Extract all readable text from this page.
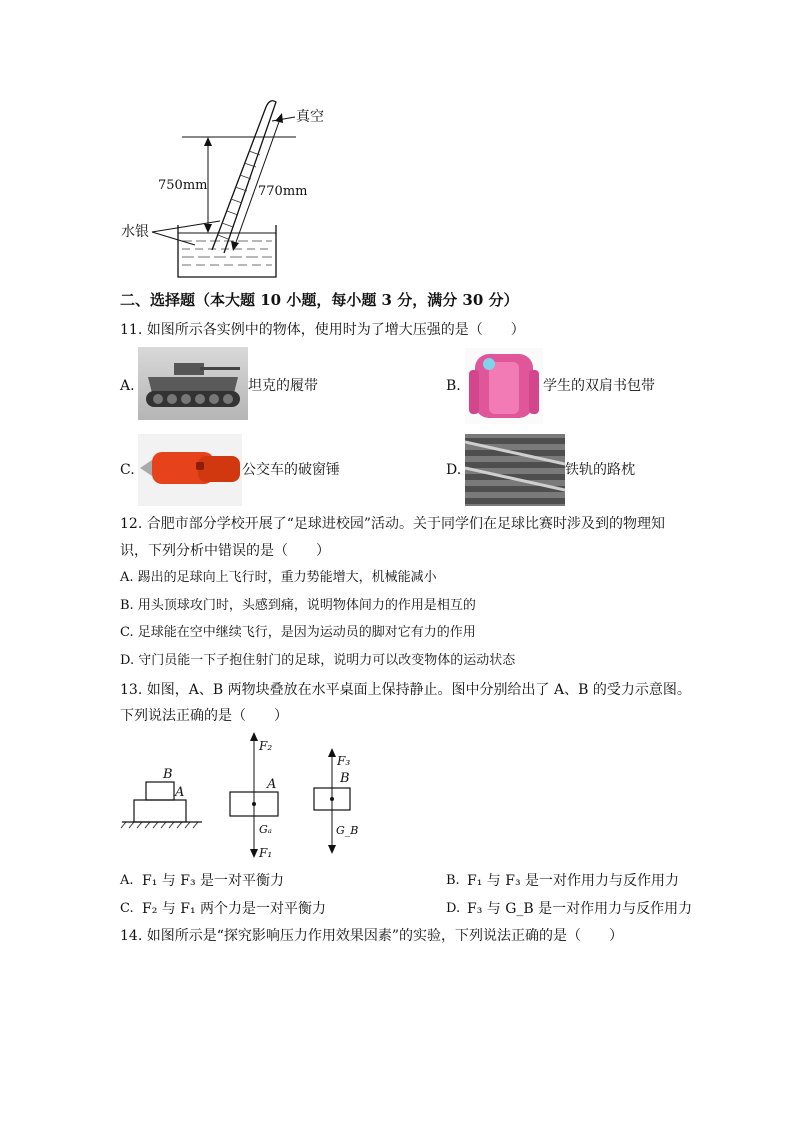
真空
750mm	770mm
水银
二、选择题（本大题 10 小题，每小题 3 分，满分 30 分）
11. 如图所示各实例中的物体，使用时为了增大压强的是（　　）
A.	坦克的履带	B.	学生的双肩书包带
C.	公交车的破窗锤	D.	铁轨的路枕
12. 合肥市部分学校开展了“足球进校园”活动。关于同学们在足球比赛时涉及到的物理知
识，下列分析中错误的是（　　）
A. 踢出的足球向上飞行时，重力势能增大，机械能减小
B. 用头顶球攻门时，头感到痛，说明物体间力的作用是相互的
C. 足球能在空中继续飞行，是因为运动员的脚对它有力的作用
D. 守门员能一下子抱住射门的足球，说明力可以改变物体的运动状态
13. 如图，A、B 两物块叠放在水平桌面上保持静止。图中分别给出了 A、B 的受力示意图。
下列说法正确的是（　　）
B
A
F₂
A
Gₐ
F₁
F₃
B
G_B
A. F₁ 与 F₃ 是一对平衡力	B. F₁ 与 F₃ 是一对作用力与反作用力
C. F₂ 与 F₁ 两个力是一对平衡力	D. F₃ 与 G_B 是一对作用力与反作用力
14. 如图所示是“探究影响压力作用效果因素”的实验，下列说法正确的是（　　）
